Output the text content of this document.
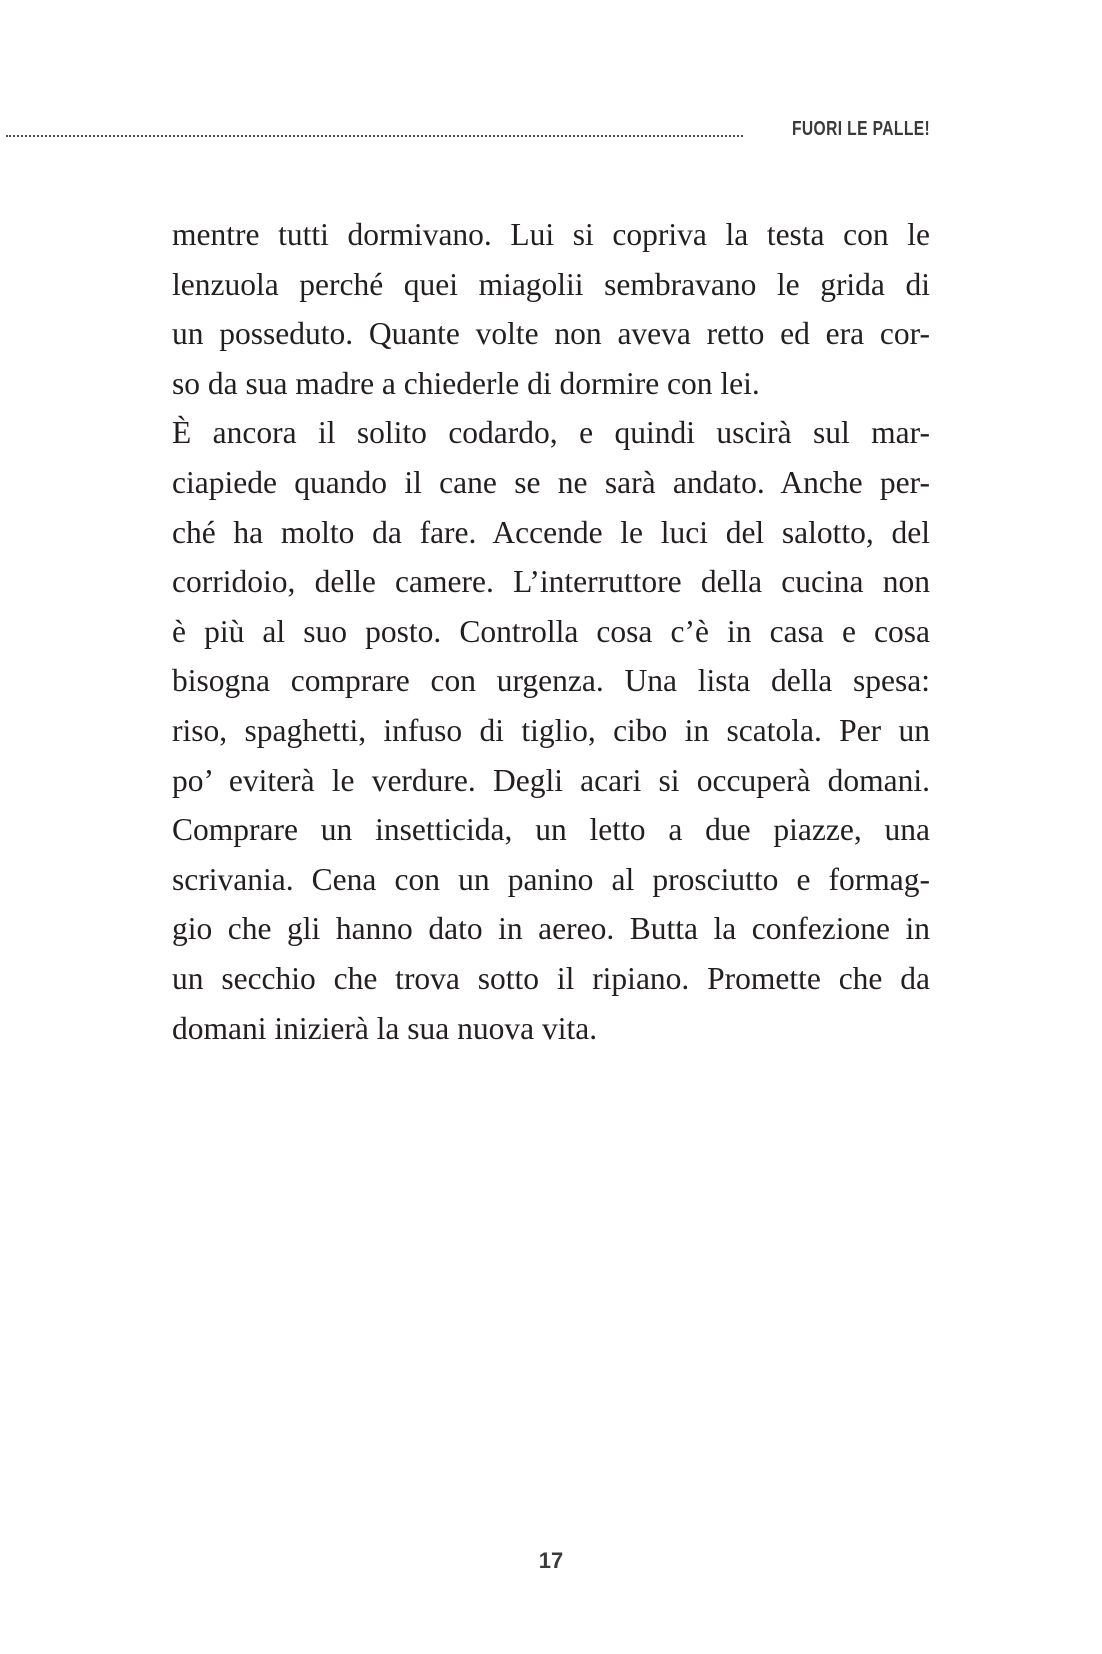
FUORI LE PALLE!

mentre tutti dormivano. Lui si copriva la testa con le
lenzuola perché quei miagolii sembravano le grida di
un posseduto. Quante volte non aveva retto ed era cor-
so da sua madre a chiederle di dormire con lei.

È ancora il solito codardo, e quindi uscirà sul mar-
ciapiede quando il cane se ne sarà andato. Anche per-
ché ha molto da fare. Accende le luci del salotto, del
corridoio, delle camere. L’interruttore della cucina non
è più al suo posto. Controlla cosa c’è in casa e cosa
bisogna comprare con urgenza. Una lista della spesa:
riso, spaghetti, infuso di tiglio, cibo in scatola. Per un
po’ eviterà le verdure. Degli acari si occuperà domani.
Comprare un insetticida, un letto a due piazze, una
scrivania. Cena con un panino al prosciutto e formag-
gio che gli hanno dato in aereo. Butta la confezione in
un secchio che trova sotto il ripiano. Promette che da
domani inizierà la sua nuova vita.

17
